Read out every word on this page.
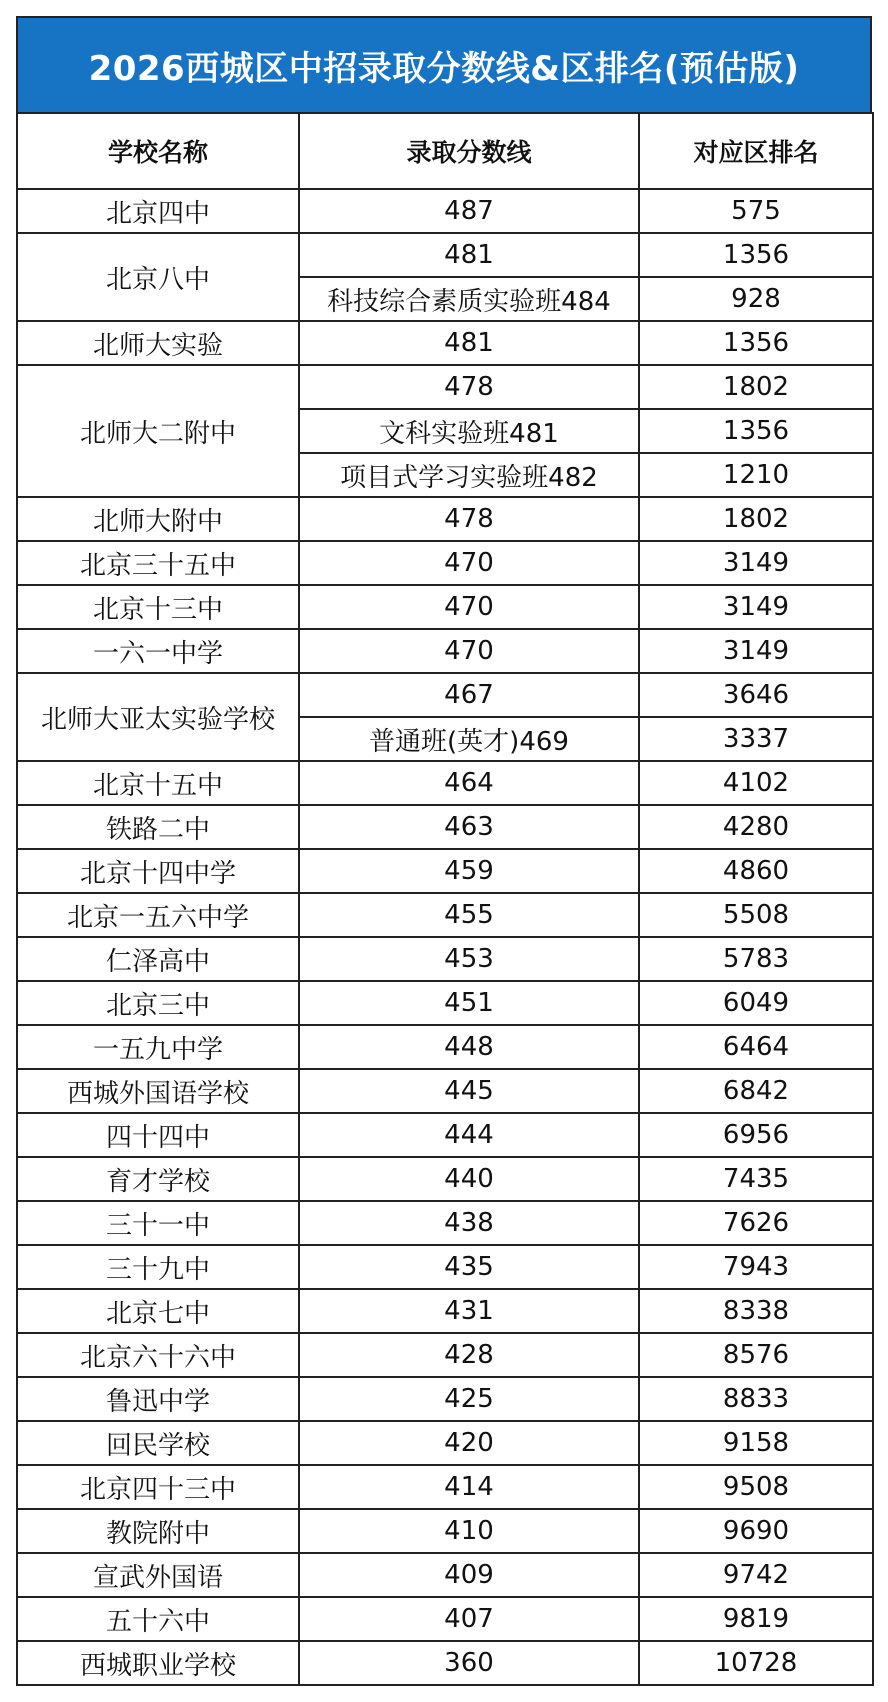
2026西城区中招录取分数线&区排名(预估版)
学校名称	录取分数线	对应区排名
北京四中	487	575
北京八中	481	1356
	科技综合素质实验班484	928
北师大实验	481	1356
北师大二附中	478	1802
	文科实验班481	1356
	项目式学习实验班482	1210
北师大附中	478	1802
北京三十五中	470	3149
北京十三中	470	3149
一六一中学	470	3149
北师大亚太实验学校	467	3646
	普通班(英才)469	3337
北京十五中	464	4102
铁路二中	463	4280
北京十四中学	459	4860
北京一五六中学	455	5508
仁泽高中	453	5783
北京三中	451	6049
一五九中学	448	6464
西城外国语学校	445	6842
四十四中	444	6956
育才学校	440	7435
三十一中	438	7626
三十九中	435	7943
北京七中	431	8338
北京六十六中	428	8576
鲁迅中学	425	8833
回民学校	420	9158
北京四十三中	414	9508
教院附中	410	9690
宣武外国语	409	9742
五十六中	407	9819
西城职业学校	360	10728
